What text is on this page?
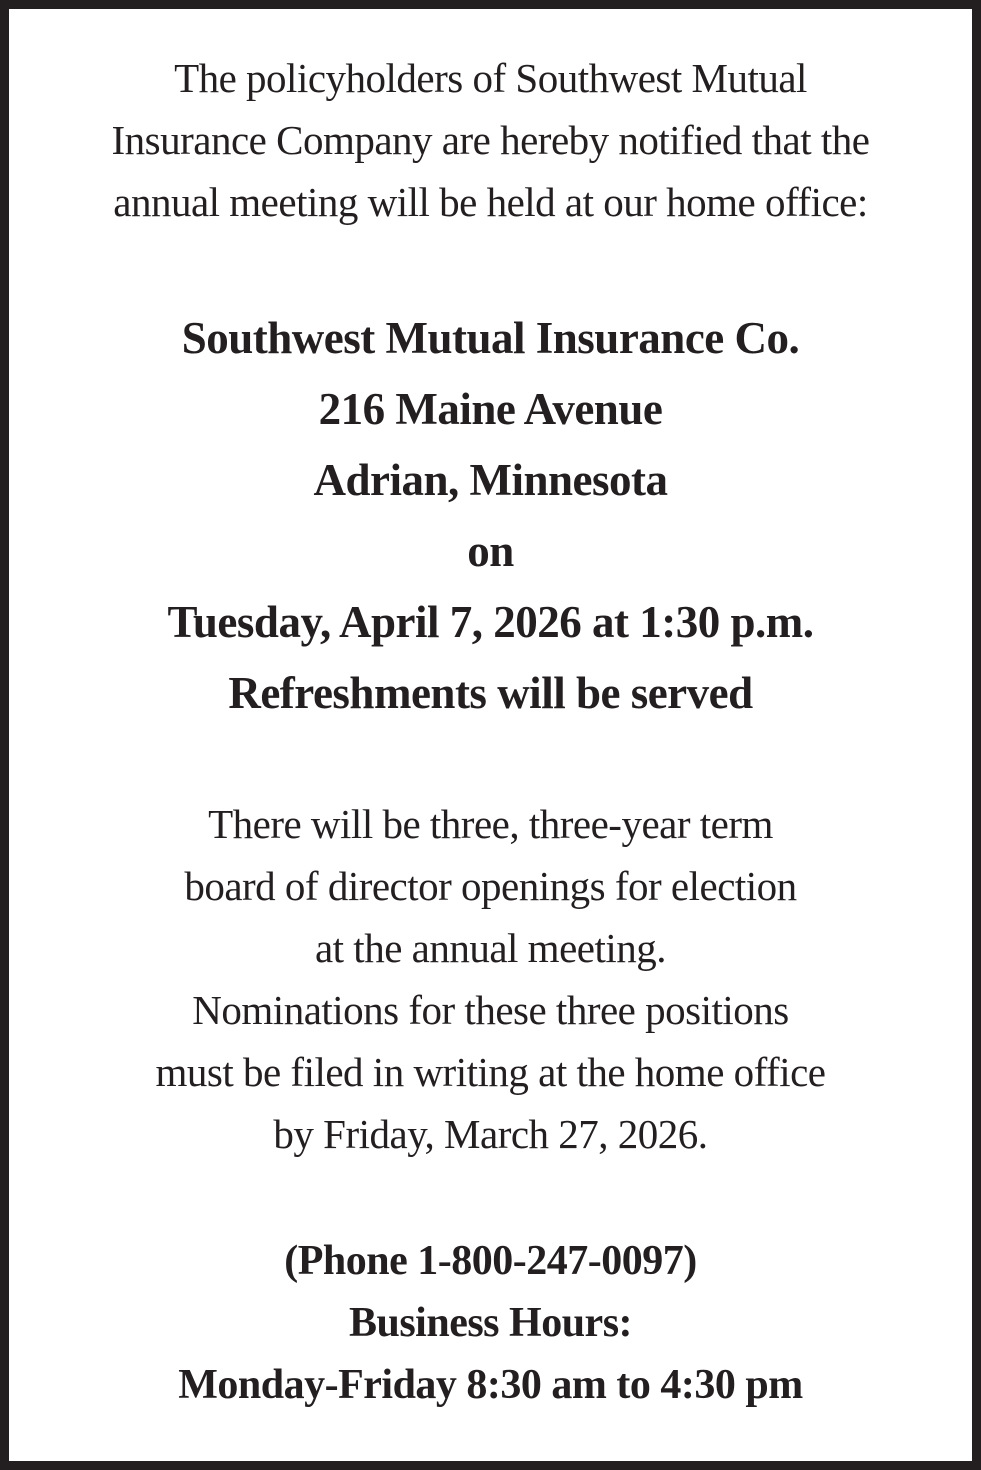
The policyholders of Southwest Mutual
Insurance Company are hereby notified that the
annual meeting will be held at our home office:

Southwest Mutual Insurance Co.
216 Maine Avenue
Adrian, Minnesota
on
Tuesday, April 7, 2026 at 1:30 p.m.
Refreshments will be served

There will be three, three-year term
board of director openings for election
at the annual meeting.
Nominations for these three positions
must be filed in writing at the home office
by Friday, March 27, 2026.

(Phone 1-800-247-0097)
Business Hours:
Monday-Friday 8:30 am to 4:30 pm
